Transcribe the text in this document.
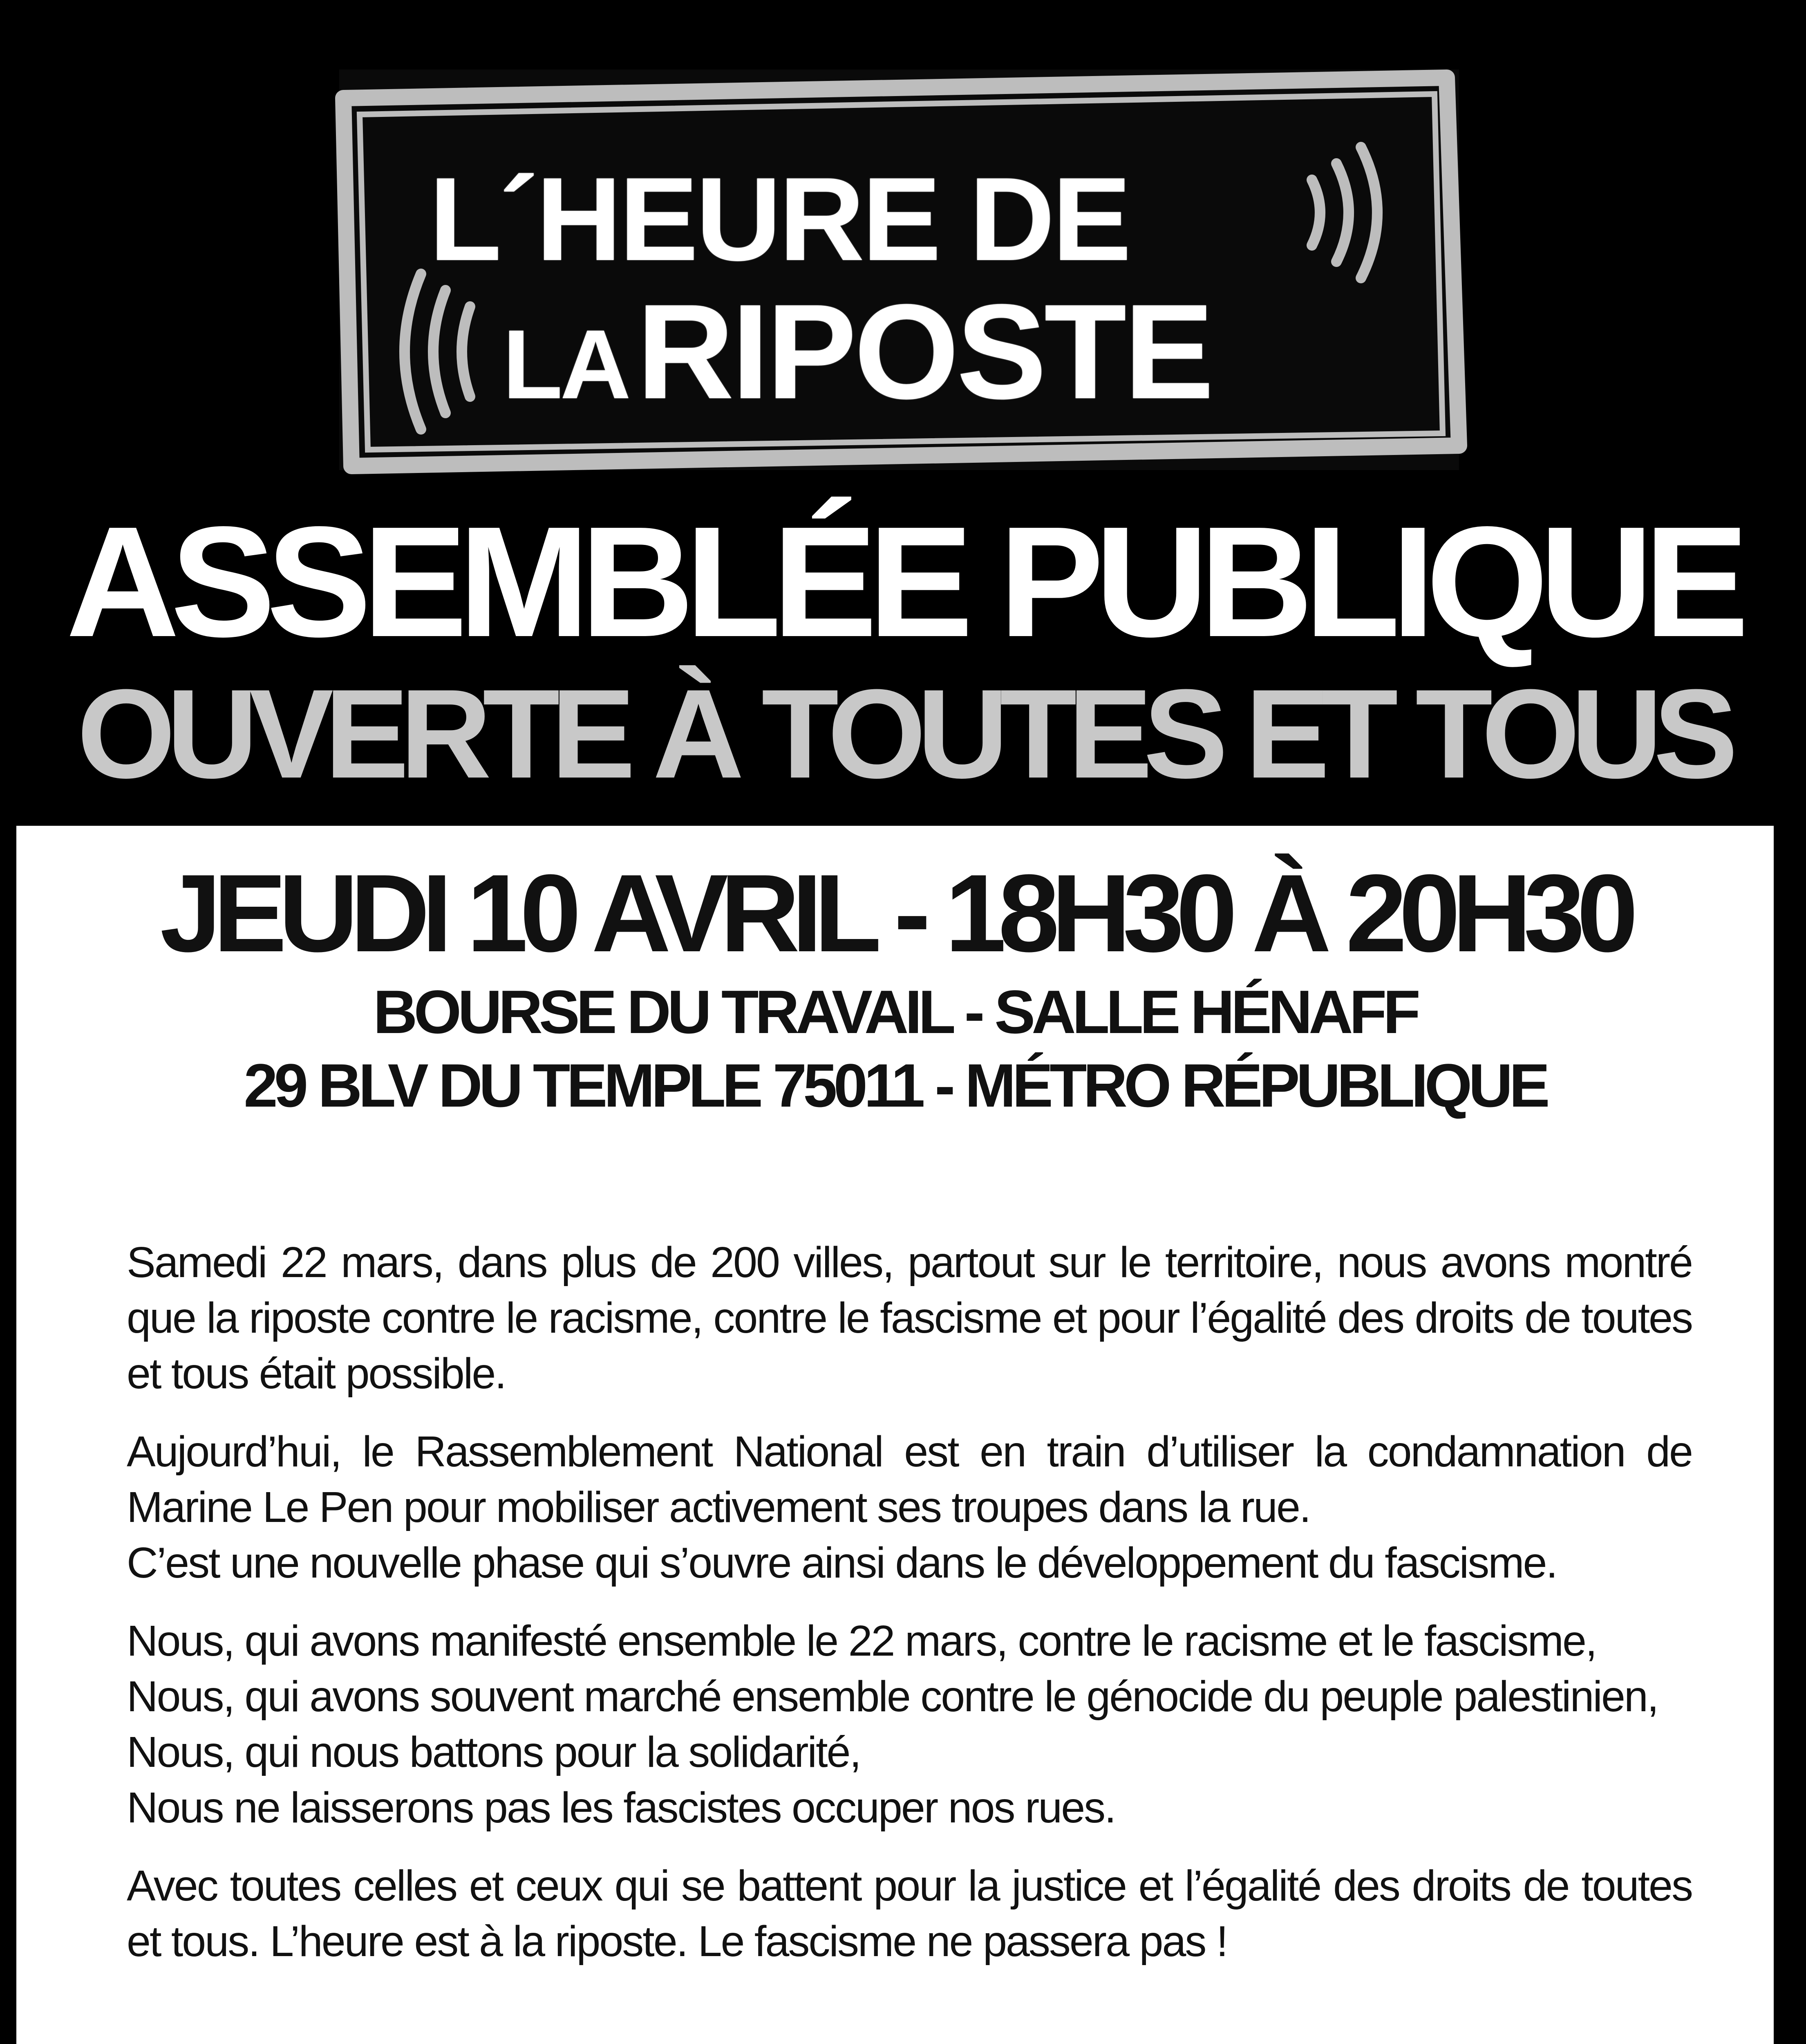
L´HEURE DE
LARIPOSTE
ASSEMBLÉE PUBLIQUE
OUVERTE À TOUTES ET TOUS
JEUDI 10 AVRIL - 18H30 À 20H30
BOURSE DU TRAVAIL - SALLE HÉNAFF
29 BLV DU TEMPLE 75011 - MÉTRO RÉPUBLIQUE

Samedi 22 mars, dans plus de 200 villes, partout sur le territoire, nous avons montré que la riposte contre le racisme, contre le fascisme et pour l’égalité des droits de toutes et tous était possible.

Aujourd’hui, le Rassemblement National est en train d’utiliser la condamnation de Marine Le Pen pour mobiliser activement ses troupes dans la rue.
C’est une nouvelle phase qui s’ouvre ainsi dans le développement du fascisme.

Nous, qui avons manifesté ensemble le 22 mars, contre le racisme et le fascisme,
Nous, qui avons souvent marché ensemble contre le génocide du peuple palestinien,
Nous, qui nous battons pour la solidarité,
Nous ne laisserons pas les fascistes occuper nos rues.

Avec toutes celles et ceux qui se battent pour la justice et l’égalité des droits de toutes et tous. L’heure est à la riposte. Le fascisme ne passera pas !
